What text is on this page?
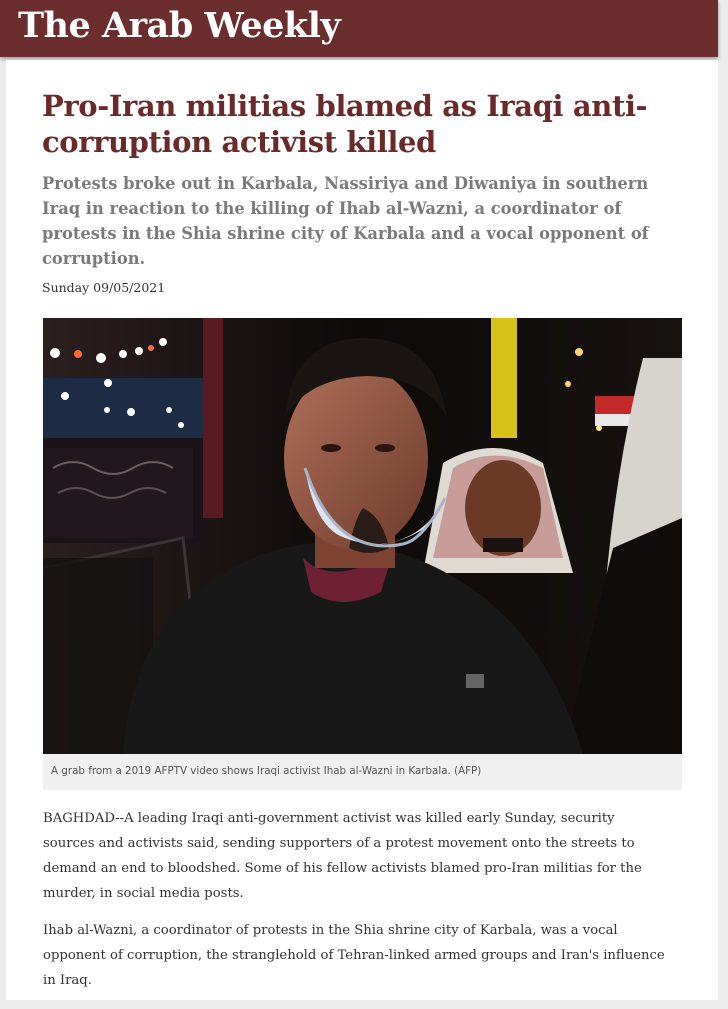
The Arab Weekly
Pro-Iran militias blamed as Iraqi anti-corruption activist killed
Protests broke out in Karbala, Nassiriya and Diwaniya in southern Iraq in reaction to the killing of Ihab al-Wazni, a coordinator of protests in the Shia shrine city of Karbala and a vocal opponent of corruption.
Sunday 09/05/2021
A grab from a 2019 AFPTV video shows Iraqi activist Ihab al-Wazni in Karbala. (AFP)

BAGHDAD--A leading Iraqi anti-government activist was killed early Sunday, security sources and activists said, sending supporters of a protest movement onto the streets to demand an end to bloodshed. Some of his fellow activists blamed pro-Iran militias for the murder, in social media posts.

Ihab al-Wazni, a coordinator of protests in the Shia shrine city of Karbala, was a vocal opponent of corruption, the stranglehold of Tehran-linked armed groups and Iran's influence in Iraq.
